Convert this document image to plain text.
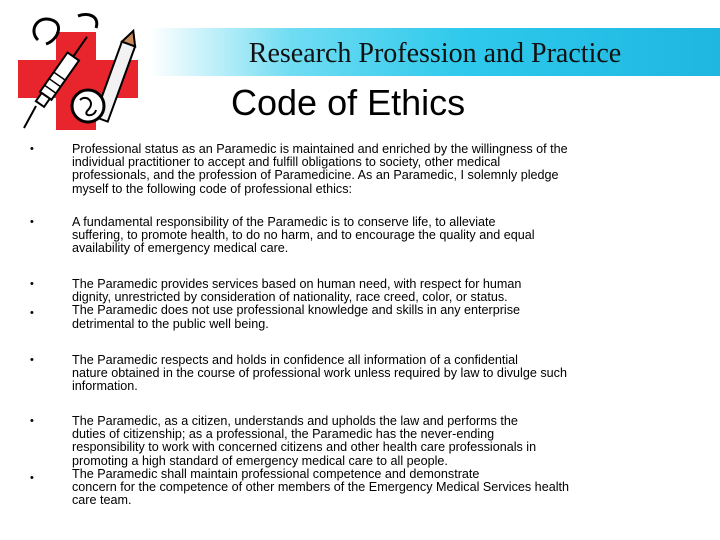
Research Profession and Practice
Code of Ethics
•	Professional status as an Paramedic is maintained and enriched by the willingness of the
individual practitioner to accept and fulfill obligations to society, other medical
professionals, and the profession of Paramedicine. As an Paramedic, I solemnly pledge
myself to the following code of professional ethics:

•	A fundamental responsibility of the Paramedic is to conserve life, to alleviate
suffering, to promote health, to do no harm, and to encourage the quality and equal
availability of emergency medical care.

•
•

The Paramedic provides services based on human need, with respect for human
dignity, unrestricted by consideration of nationality, race creed, color, or status.
The Paramedic does not use professional knowledge and skills in any enterprise
detrimental to the public well being.

•	The Paramedic respects and holds in confidence all information of a confidential
nature obtained in the course of professional work unless required by law to divulge such
information.

•
•

The Paramedic, as a citizen, understands and upholds the law and performs the
duties of citizenship; as a professional, the Paramedic has the never-ending
responsibility to work with concerned citizens and other health care professionals in
promoting a high standard of emergency medical care to all people.
The Paramedic shall maintain professional competence and demonstrate
concern for the competence of other members of the Emergency Medical Services health
care team.
